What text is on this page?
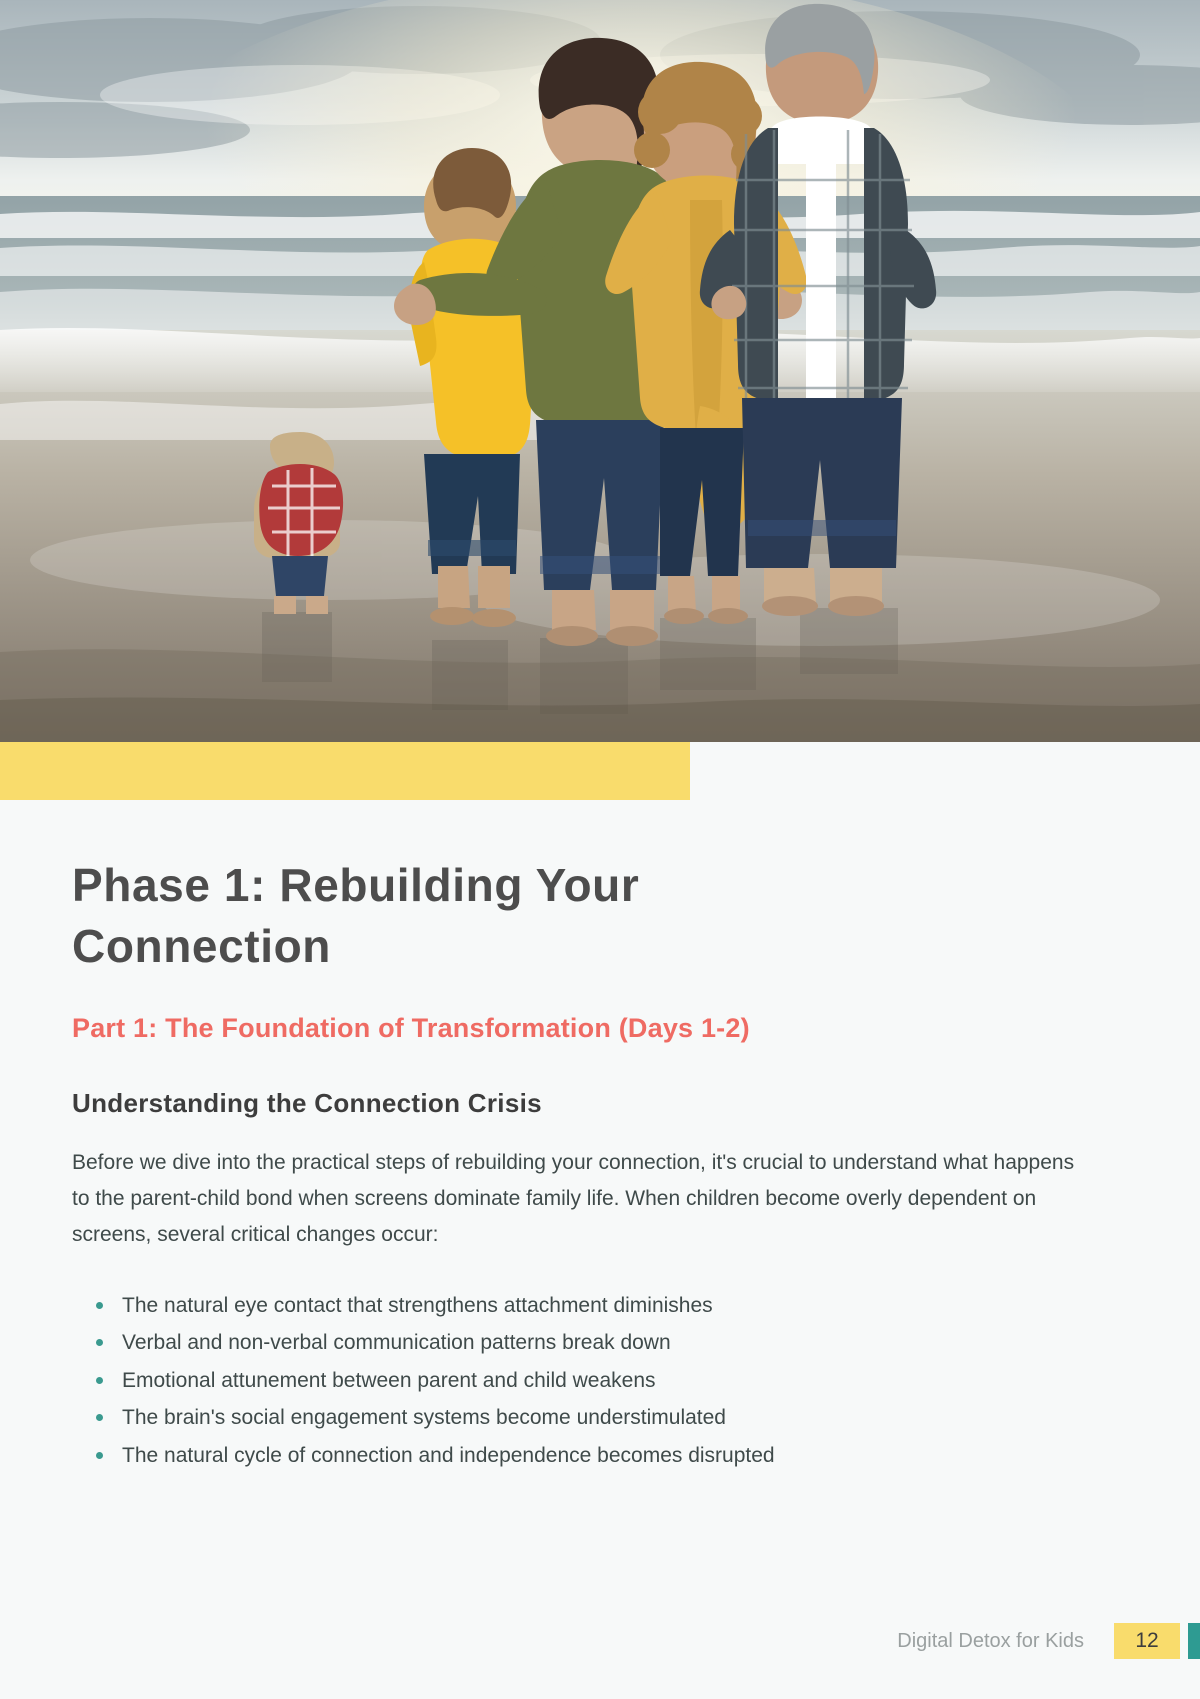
Phase 1: Rebuilding Your Connection
Part 1: The Foundation of Transformation (Days 1-2)
Understanding the Connection Crisis

Before we dive into the practical steps of rebuilding your connection, it's crucial to understand what happens to the parent-child bond when screens dominate family life. When children become overly dependent on screens, several critical changes occur:

The natural eye contact that strengthens attachment diminishes
Verbal and non-verbal communication patterns break down
Emotional attunement between parent and child weakens
The brain's social engagement systems become understimulated
The natural cycle of connection and independence becomes disrupted
Digital Detox for Kids	12
